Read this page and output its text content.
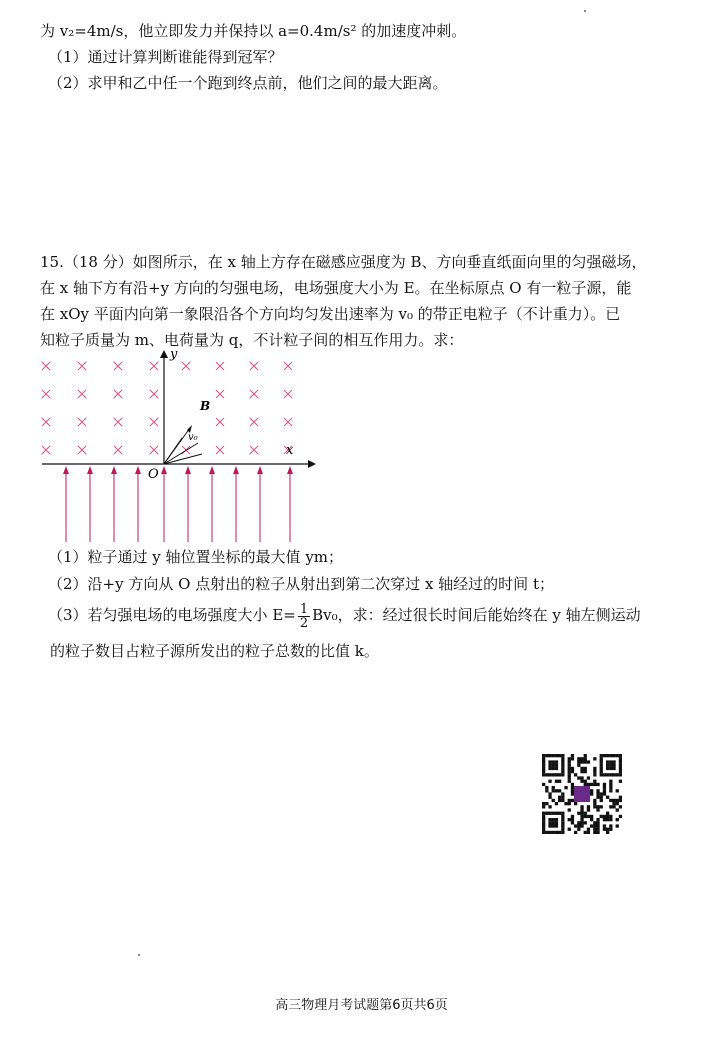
为 v₂=4m/s，他立即发力并保持以 a=0.4m/s² 的加速度冲刺。
（1）通过计算判断谁能得到冠军？
（2）求甲和乙中任一个跑到终点前，他们之间的最大距离。
15.（18 分）如图所示，在 x 轴上方存在磁感应强度为 B、方向垂直纸面向里的匀强磁场，
在 x 轴下方有沿+y 方向的匀强电场，电场强度大小为 E。在坐标原点 O 有一粒子源，能
在 xOy 平面内向第一象限沿各个方向均匀发出速率为 v₀ 的带正电粒子（不计重力）。已
知粒子质量为 m、电荷量为 q，不计粒子间的相互作用力。求：
x
y
B
O
v₀
（1）粒子通过 y 轴位置坐标的最大值 ym；
（2）沿+y 方向从 O 点射出的粒子从射出到第二次穿过 x 轴经过的时间 t；
（3）若匀强电场的电场强度大小 $E= \frac{1}{2} Bv_0$，求：经过很长时间后能始终在 y 轴左侧运动
的粒子数目占粒子源所发出的粒子总数的比值 k。
高三物理月考试题第6页共6页
